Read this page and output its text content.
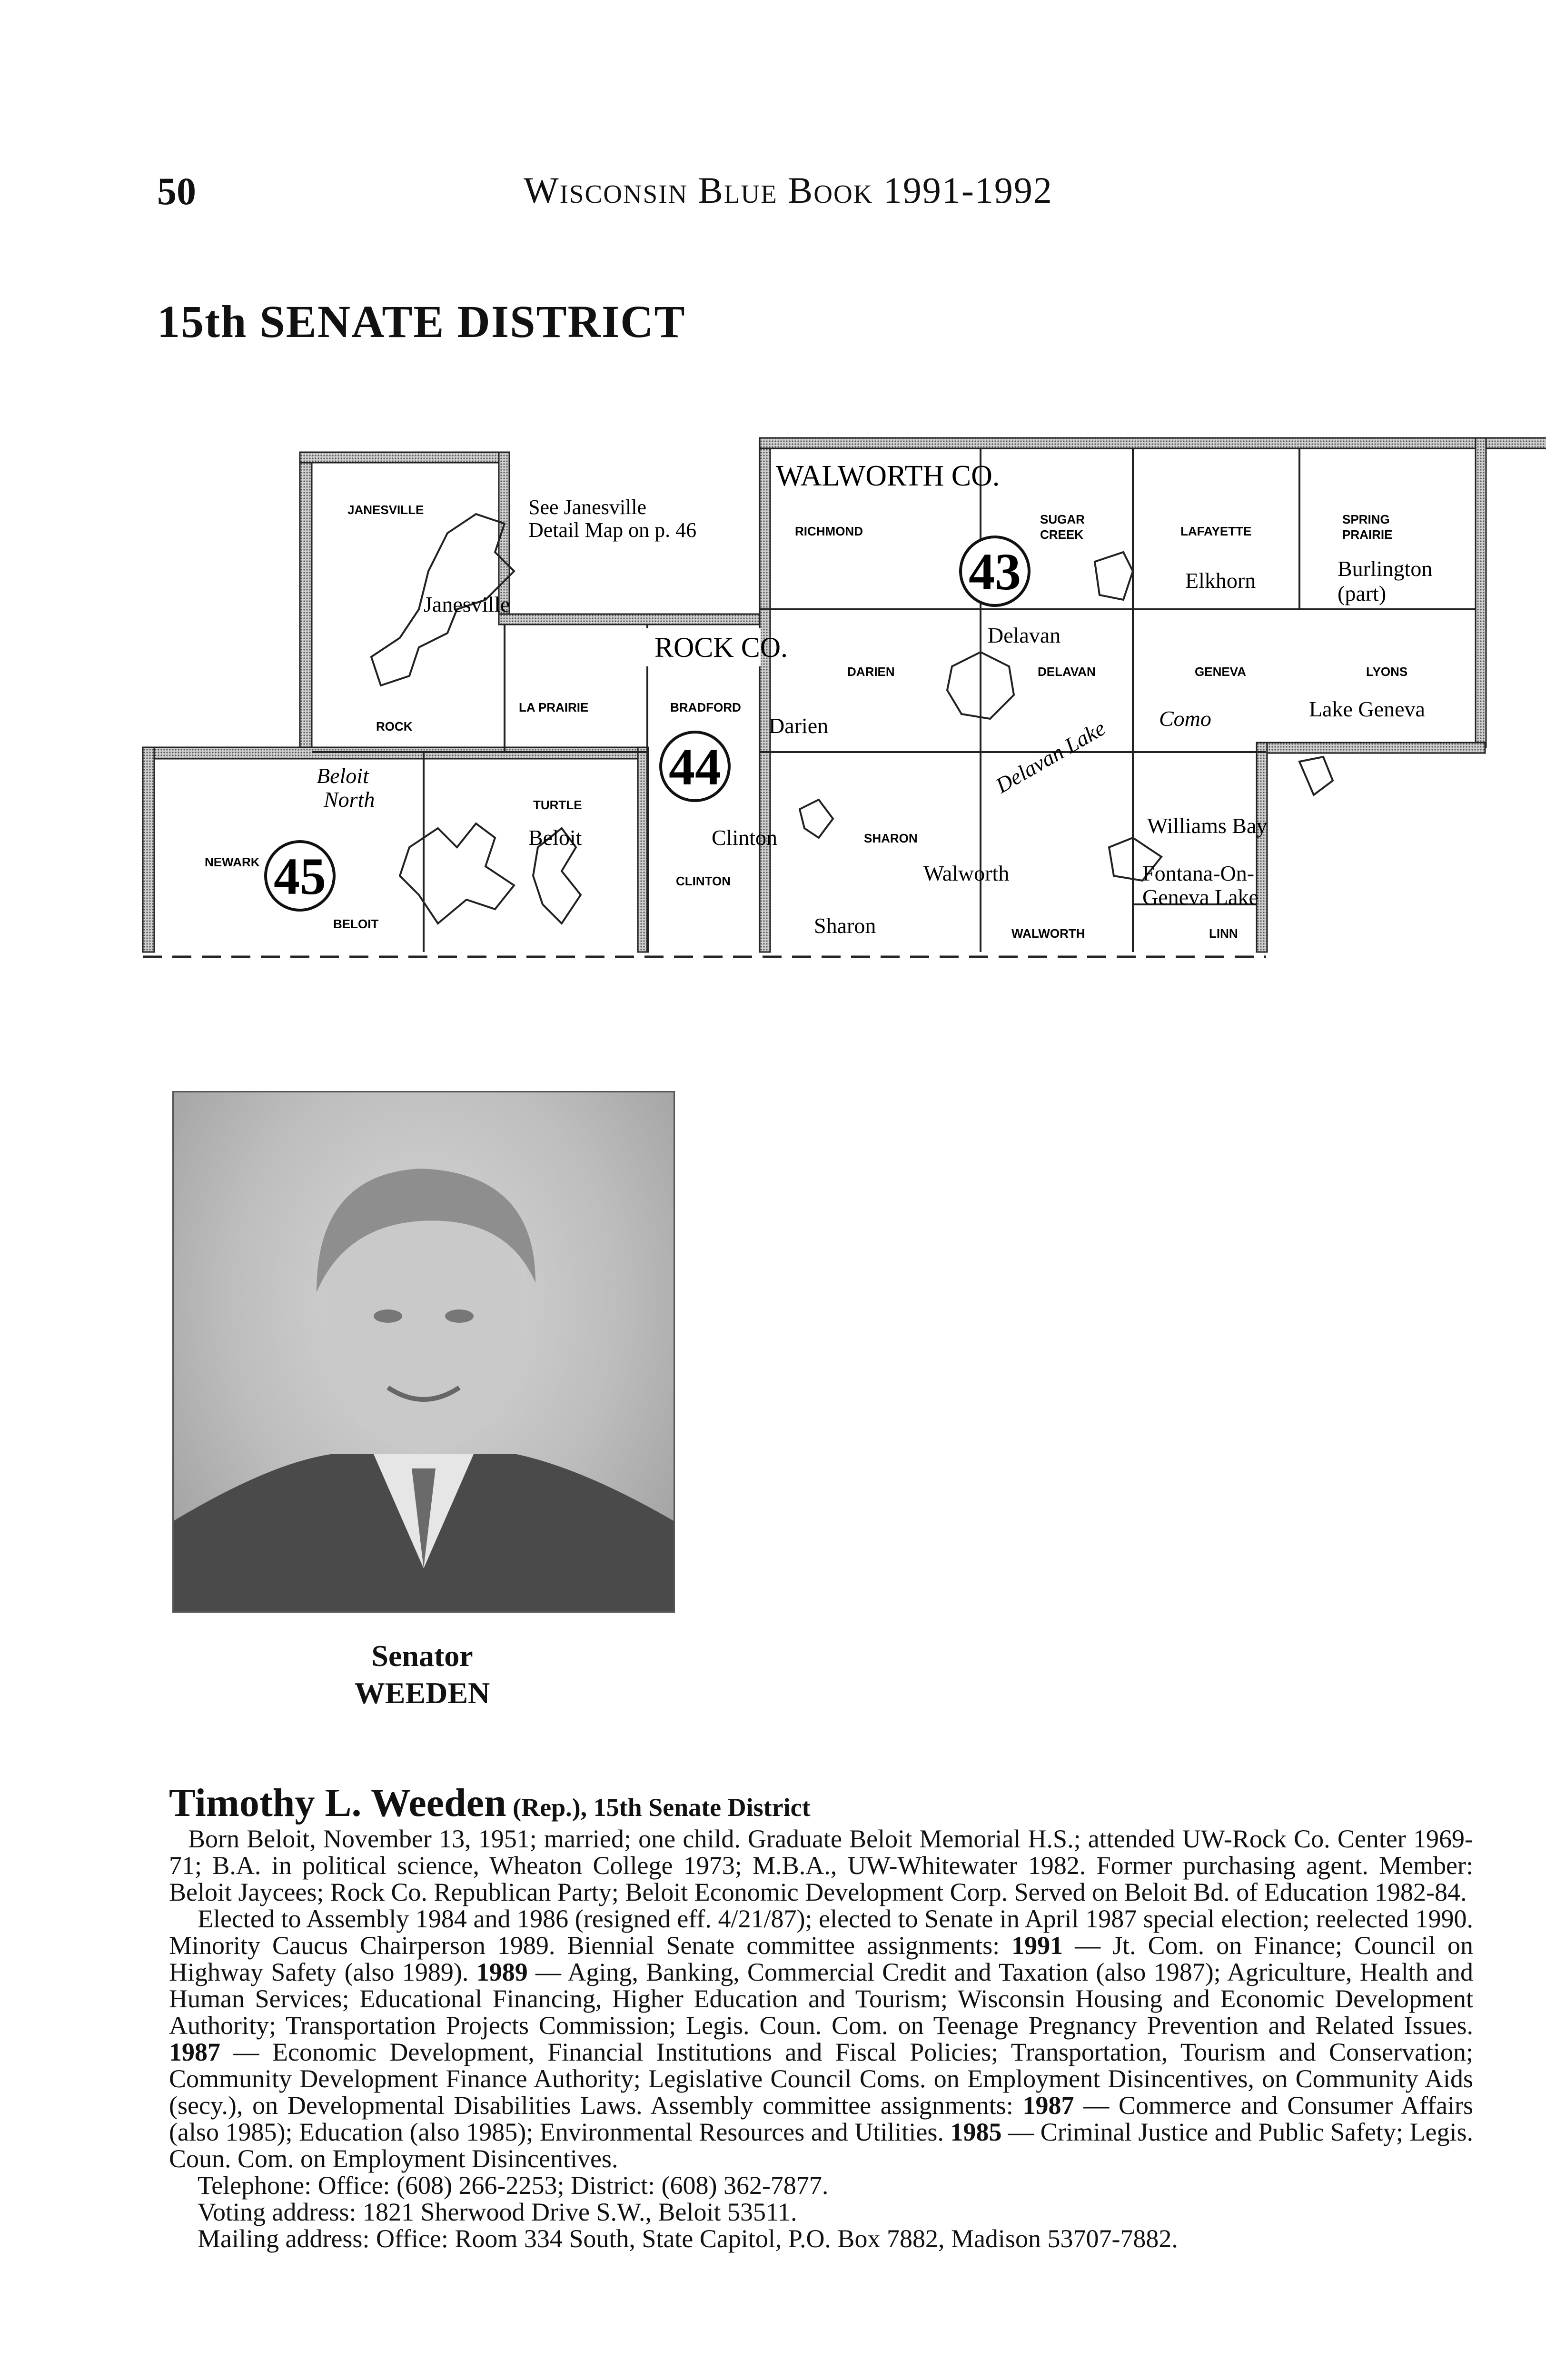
50	Wisconsin Blue Book 1991-1992
15th SENATE DISTRICT
43
44
45
WALWORTH CO.
ROCK CO.
See Janesville
Detail Map on p. 46
JANESVILLE
LA PRAIRIE
ROCK
BRADFORD
TURTLE
NEWARK
BELOIT
CLINTON
RICHMOND
SUGAR
CREEK	LAFAYETTE
SPRING
PRAIRIE
DARIEN	DELAVAN	GENEVA	LYONS
SHARON
WALWORTH	LINN
Janesville
Beloit
North
Beloit	Clinton
Elkhorn	Burlington
(part)
Delavan
Darien	Como	Lake Geneva
Delavan Lake
Williams Bay
Walworth	Fontana-On-
Geneva Lake
Sharon
Senator
WEEDEN

Timothy L. Weeden (Rep.), 15th Senate District

Born Beloit, November 13, 1951; married; one child. Graduate Beloit Memorial H.S.; attended UW-Rock Co. Center 1969-71; B.A. in political science, Wheaton College 1973; M.B.A., UW-Whitewater 1982. Former purchasing agent. Member: Beloit Jaycees; Rock Co. Republican Party; Beloit Economic Development Corp. Served on Beloit Bd. of Education 1982-84.

Elected to Assembly 1984 and 1986 (resigned eff. 4/21/87); elected to Senate in April 1987 special election; reelected 1990. Minority Caucus Chairperson 1989. Biennial Senate committee assignments: 1991 — Jt. Com. on Finance; Council on Highway Safety (also 1989). 1989 — Aging, Banking, Commercial Credit and Taxation (also 1987); Agriculture, Health and Human Services; Educational Financing, Higher Education and Tourism; Wisconsin Housing and Economic Development Authority; Transportation Projects Commission; Legis. Coun. Com. on Teenage Pregnancy Prevention and Related Issues. 1987 — Economic Development, Financial Institutions and Fiscal Policies; Transportation, Tourism and Conservation; Community Development Finance Authority; Legislative Council Coms. on Employment Disincentives, on Community Aids (secy.), on Developmental Disabilities Laws. Assembly committee assignments: 1987 — Commerce and Consumer Affairs (also 1985); Education (also 1985); Environmental Resources and Utilities. 1985 — Criminal Justice and Public Safety; Legis. Coun. Com. on Employment Disincentives.

Telephone: Office: (608) 266-2253; District: (608) 362-7877.

Voting address: 1821 Sherwood Drive S.W., Beloit 53511.

Mailing address: Office: Room 334 South, State Capitol, P.O. Box 7882, Madison 53707-7882.
